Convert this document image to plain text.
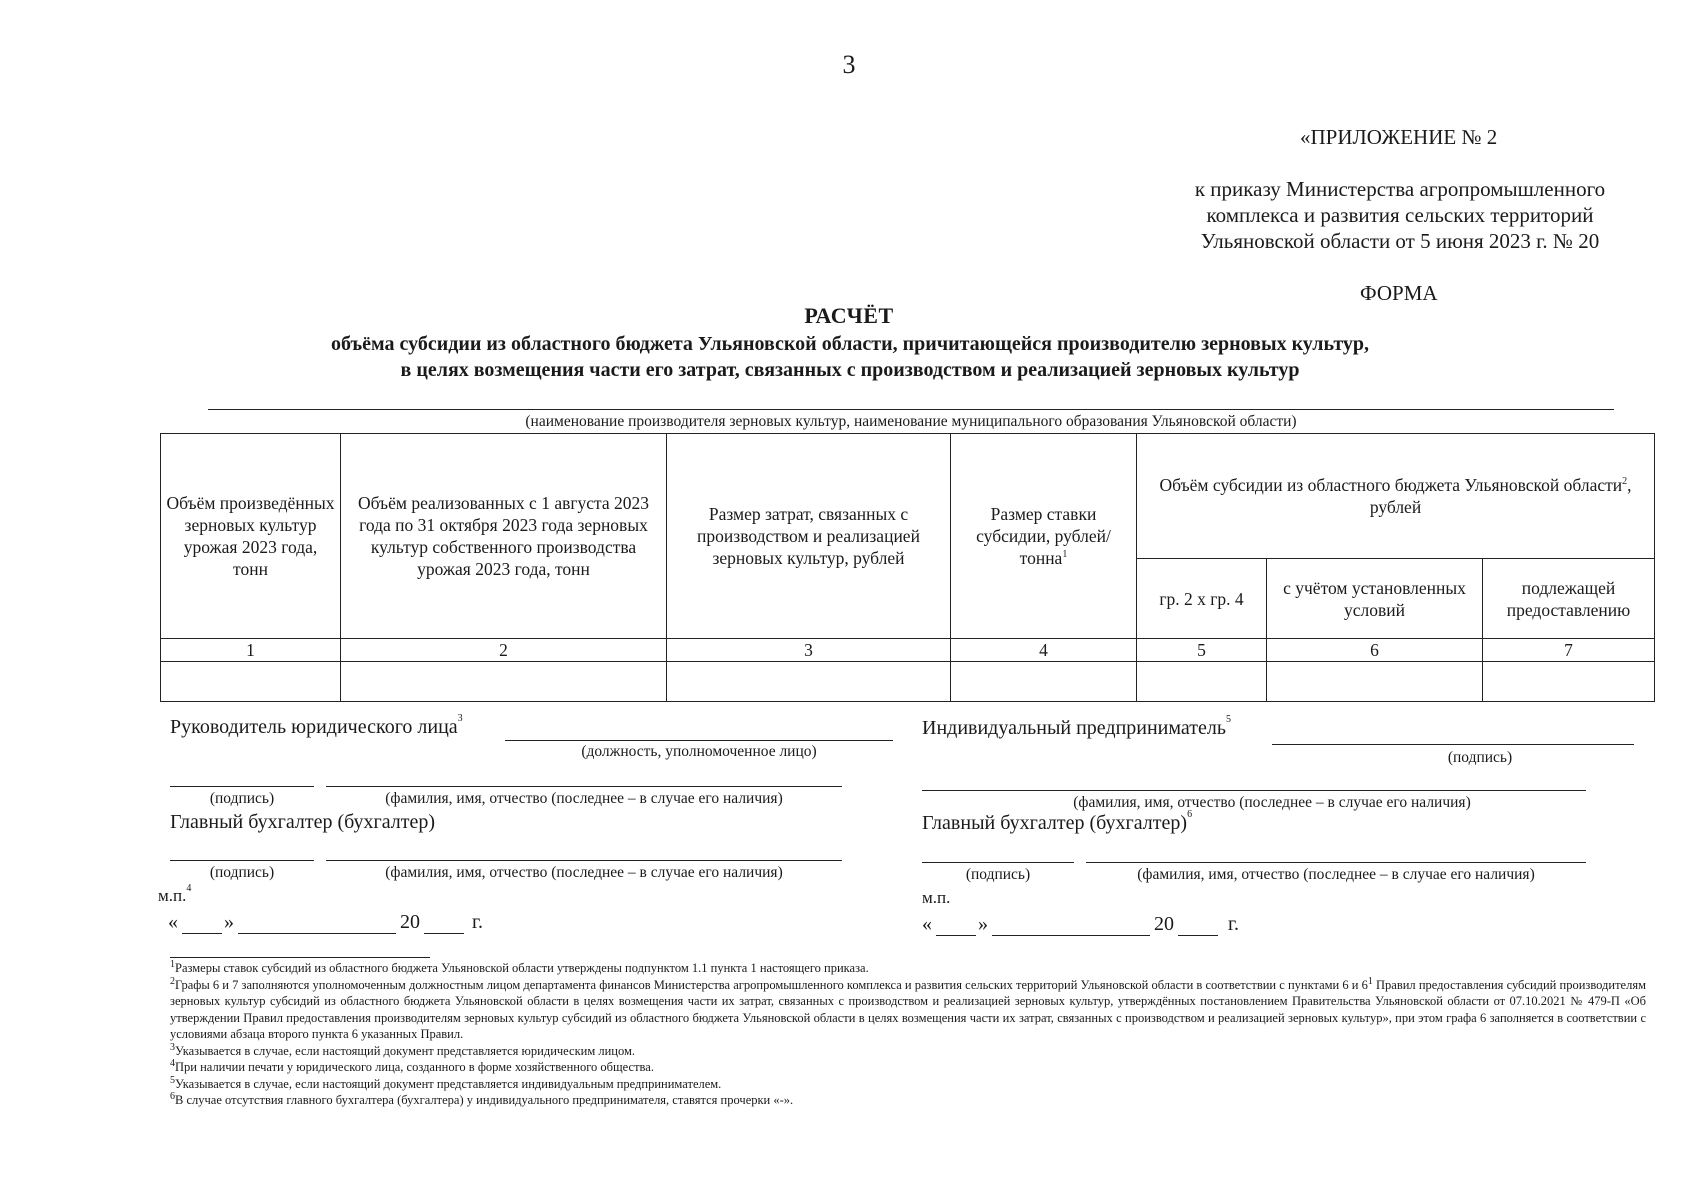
3
«ПРИЛОЖЕНИЕ № 2
к приказу Министерства агропромышленного
комплекса и развития сельских территорий
Ульяновской области от 5 июня 2023 г. № 20
ФОРМА
РАСЧЁТ
объёма субсидии из областного бюджета Ульяновской области, причитающейся производителю зерновых культур,
в целях возмещения части его затрат, связанных с производством и реализацией зерновых культур
(наименование производителя зерновых культур, наименование муниципального образования Ульяновской области)
Объём произведённых зерновых культур урожая 2023 года, тонн	Объём реализованных с 1 августа 2023 года по 31 октября 2023 года зерновых культур собственного производства урожая 2023 года, тонн	Размер затрат, связанных с производством и реализацией зерновых культур, рублей	Размер ставки субсидии, рублей/тонна$^1$	Объём субсидии из областного бюджета Ульяновской области$^2$, рублей		
				гр. 2 х гр. 4	с учётом установленных условий	подлежащей предоставлению
1	2	3	4	5	6	7

Руководитель юридического лица$^3$
(должность, уполномоченное лицо)
(подпись)	(фамилия, имя, отчество (последнее – в случае его наличия)
Главный бухгалтер (бухгалтер)
(подпись)	(фамилия, имя, отчество (последнее – в случае его наличия)
м.п.$^4$
« »	20	г.
Индивидуальный предприниматель$^5$
(подпись)
(фамилия, имя, отчество (последнее – в случае его наличия)
Главный бухгалтер (бухгалтер)$^6$
(подпись)	(фамилия, имя, отчество (последнее – в случае его наличия)
м.п.
« »	20	г.

$^1$Размеры ставок субсидий из областного бюджета Ульяновской области утверждены подпунктом 1.1 пункта 1 настоящего приказа.

$^2$Графы 6 и 7 заполняются уполномоченным должностным лицом департамента финансов Министерства агропромышленного комплекса и развития сельских территорий Ульяновской области в соответствии с пунктами 6 и $6^1$ Правил предоставления субсидий производителям зерновых культур субсидий из областного бюджета Ульяновской области в целях возмещения части их затрат, связанных с производством и реализацией зерновых культур, утверждённых постановлением Правительства Ульяновской области от 07.10.2021 № 479-П «Об утверждении Правил предоставления производителям зерновых культур субсидий из областного бюджета Ульяновской области в целях возмещения части их затрат, связанных с производством и реализацией зерновых культур», при этом графа 6 заполняется в соответствии с условиями абзаца второго пункта 6 указанных Правил.

$^3$Указывается в случае, если настоящий документ представляется юридическим лицом.

$^4$При наличии печати у юридического лица, созданного в форме хозяйственного общества.

$^5$Указывается в случае, если настоящий документ представляется индивидуальным предпринимателем.

$^6$В случае отсутствия главного бухгалтера (бухгалтера) у индивидуального предпринимателя, ставятся прочерки «-».
